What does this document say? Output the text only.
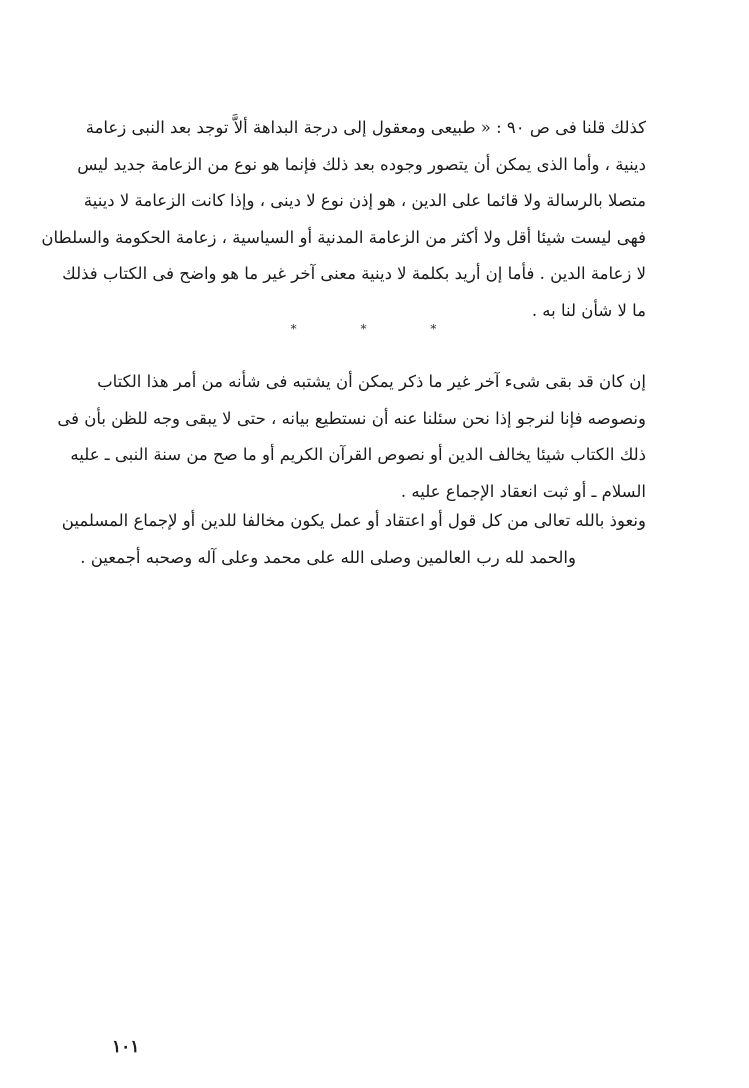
كذلك قلنا فى ص ٩٠ : « طبيعى ومعقول إلى درجة البداهة ألاَّ توجد بعد النبى زعامة
دينية ، وأما الذى يمكن أن يتصور وجوده بعد ذلك فإنما هو نوع من الزعامة جديد ليس
متصلا بالرسالة ولا قائما على الدين ، هو إذن نوع لا دينى ، وإذا كانت الزعامة لا دينية
فهى ليست شيئا أقل ولا أكثر من الزعامة المدنية أو السياسية ، زعامة الحكومة والسلطان
لا زعامة الدين . فأما إن أريد بكلمة لا دينية معنى آخر غير ما هو واضح فى الكتاب فذلك
ما لا شأن لنا به .
*	*	*
إن كان قد بقى شىء آخر غير ما ذكر يمكن أن يشتبه فى شأنه من أمر هذا الكتاب
ونصوصه فإنا لنرجو إذا نحن سئلنا عنه أن نستطيع بيانه ، حتى لا يبقى وجه للظن بأن فى
ذلك الكتاب شيئا يخالف الدين أو نصوص القرآن الكريم أو ما صح من سنة النبى ـ عليه
السلام ـ أو ثبت انعقاد الإجماع عليه .
ونعوذ بالله تعالى من كل قول أو اعتقاد أو عمل يكون مخالفا للدين أو لإجماع المسلمين
والحمد لله رب العالمين وصلى الله على محمد وعلى آله وصحبه أجمعين .
١٠١
